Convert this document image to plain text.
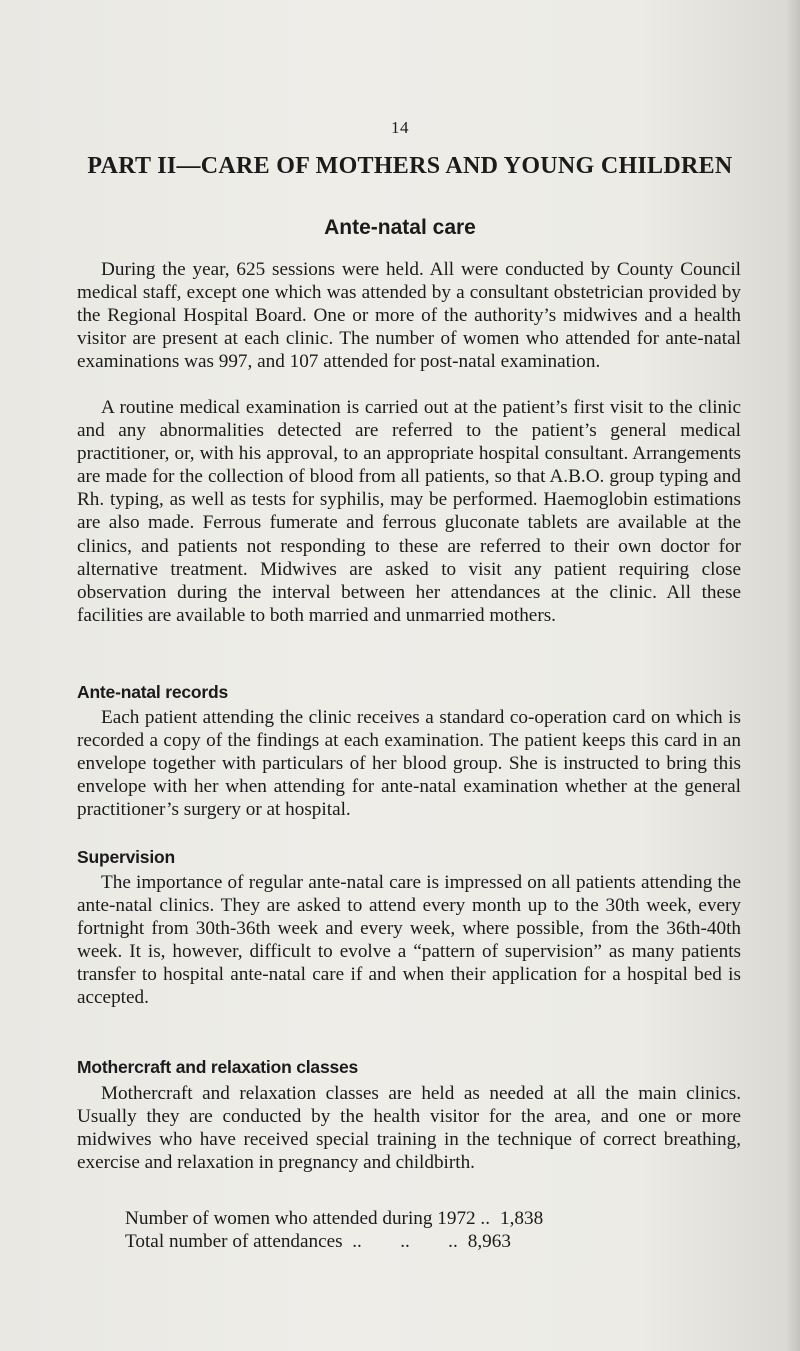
14
PART II—CARE OF MOTHERS AND YOUNG CHILDREN
Ante-natal care

During the year, 625 sessions were held. All were conducted by County Council medical staff, except one which was attended by a consultant obstetrician provided by the Regional Hospital Board. One or more of the authority’s midwives and a health visitor are present at each clinic. The number of women who attended for ante-natal examinations was 997, and 107 attended for post-natal examination.

A routine medical examination is carried out at the patient’s first visit to the clinic and any abnormalities detected are referred to the patient’s general medical practitioner, or, with his approval, to an appropriate hospital consultant. Arrangements are made for the collection of blood from all patients, so that A.B.O. group typing and Rh. typing, as well as tests for syphilis, may be performed. Haemoglobin estimations are also made. Ferrous fumerate and ferrous gluconate tablets are available at the clinics, and patients not responding to these are referred to their own doctor for alternative treatment. Midwives are asked to visit any patient requiring close observation during the interval between her attendances at the clinic. All these facilities are available to both married and unmarried mothers.

Ante-natal records

Each patient attending the clinic receives a standard co-operation card on which is recorded a copy of the findings at each examination. The patient keeps this card in an envelope together with particulars of her blood group. She is instructed to bring this envelope with her when attending for ante-natal examination whether at the general practitioner’s surgery or at hospital.

Supervision

The importance of regular ante-natal care is impressed on all patients attending the ante-natal clinics. They are asked to attend every month up to the 30th week, every fortnight from 30th-36th week and every week, where possible, from the 36th-40th week. It is, however, difficult to evolve a “pattern of supervision” as many patients transfer to hospital ante-natal care if and when their application for a hospital bed is accepted.

Mothercraft and relaxation classes

Mothercraft and relaxation classes are held as needed at all the main clinics. Usually they are conducted by the health visitor for the area, and one or more midwives who have received special training in the technique of correct breathing, exercise and relaxation in pregnancy and childbirth.

Number of women who attended during 1972 .. 1,838
Total number of attendances  ..        ..        .. 8,963
